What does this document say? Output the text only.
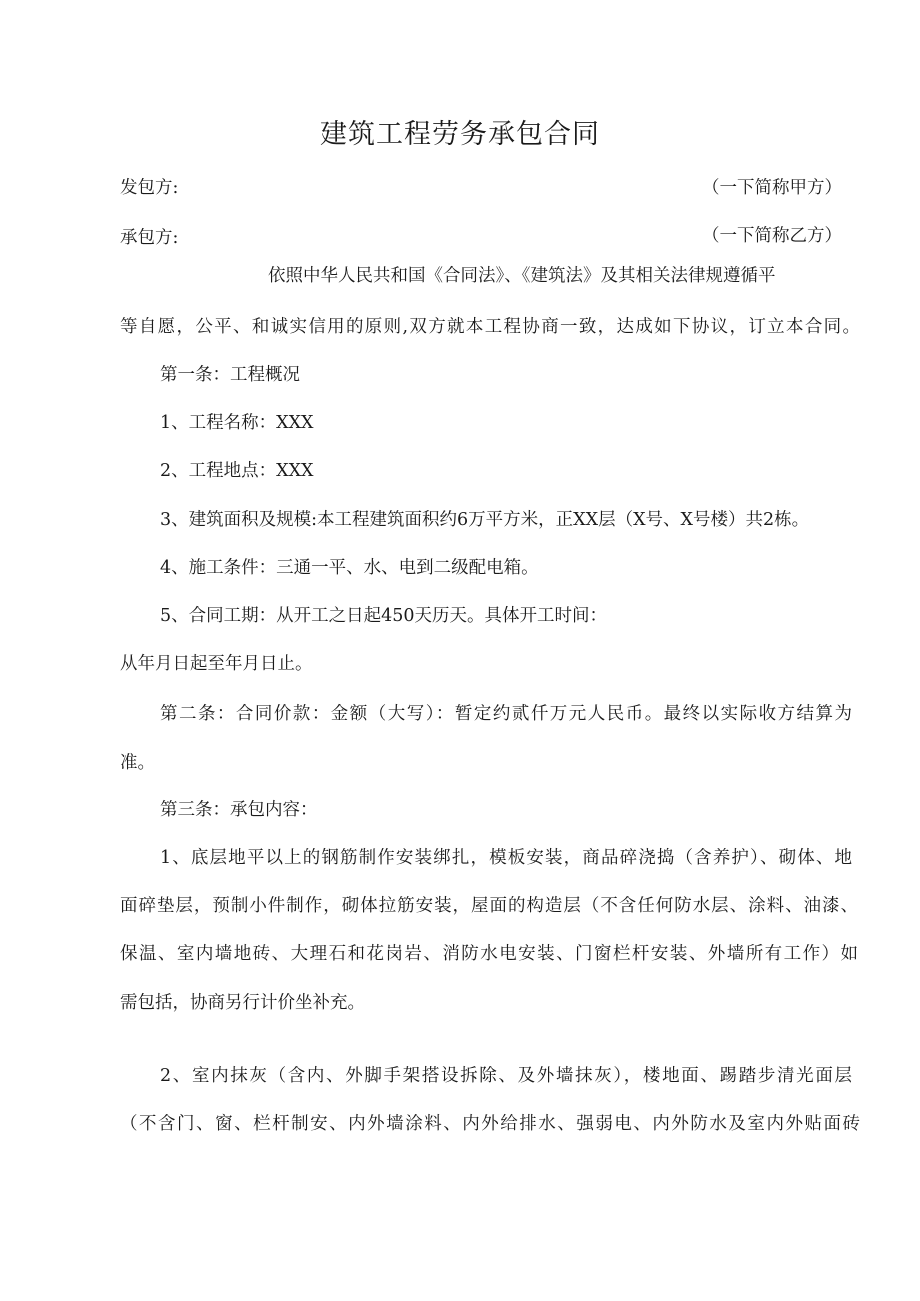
建筑工程劳务承包合同
发包方:	（一下简称甲方）
承包方:	（一下简称乙方）
依照中华人民共和国《合同法》、《建筑法》及其相关法律规遵循平
等自愿，公平、和诚实信用的原则,双方就本工程协商一致，达成如下协议，订立本合同。
第一条：工程概况
1、工程名称：XXX
2、工程地点：XXX
3、建筑面积及规模:本工程建筑面积约6万平方米，正XX层（X号、X号楼）共2栋。
4、施工条件：三通一平、水、电到二级配电箱。
5、合同工期：从开工之日起450天历天。具体开工时间：
从年月日起至年月日止。
第二条：合同价款：金额（大写）：暂定约贰仟万元人民币。最终以实际收方结算为
准。
第三条：承包内容：
1、底层地平以上的钢筋制作安装绑扎，模板安装，商品碎浇捣（含养护）、砌体、地
面碎垫层，预制小件制作，砌体拉筋安装，屋面的构造层（不含任何防水层、涂料、油漆、
保温、室内墙地砖、大理石和花岗岩、消防水电安装、门窗栏杆安装、外墙所有工作）如
需包括，协商另行计价坐补充。
2、室内抹灰（含内、外脚手架搭设拆除、及外墙抹灰），楼地面、踢踏步清光面层
（不含门、窗、栏杆制安、内外墙涂料、内外给排水、强弱电、内外防水及室内外贴面砖
